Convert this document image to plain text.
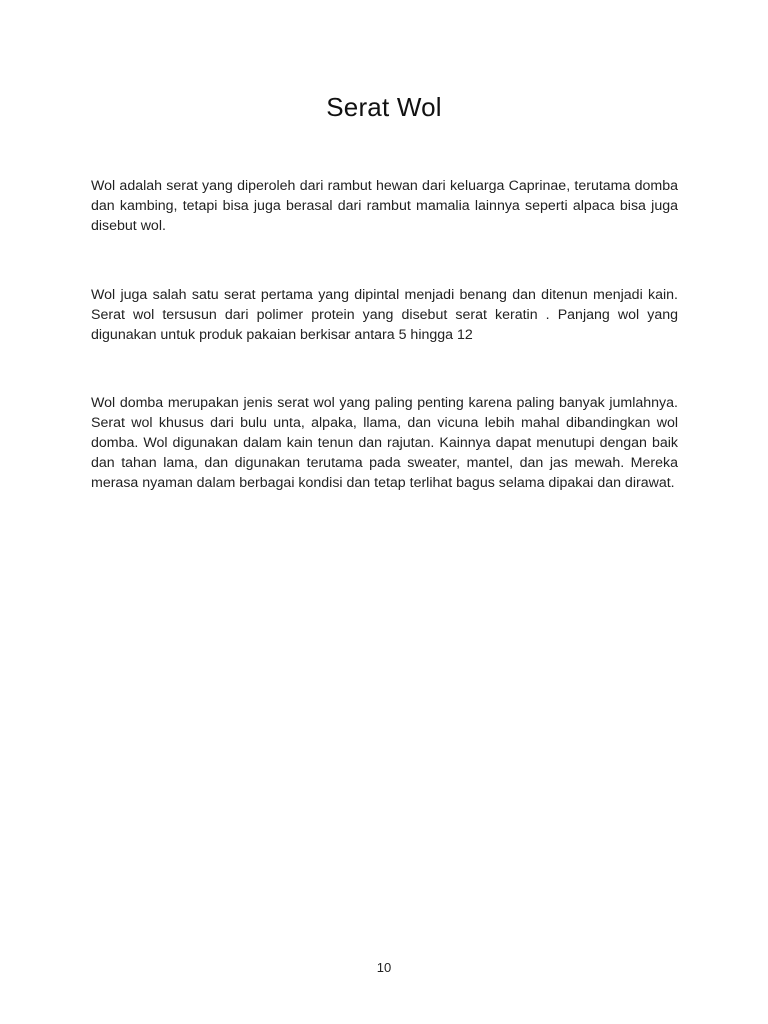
Serat Wol

Wol adalah serat yang diperoleh dari rambut hewan dari keluarga Caprinae, terutama domba dan kambing, tetapi bisa juga berasal dari rambut mamalia lainnya seperti alpaca bisa juga disebut wol.

Wol juga salah satu serat pertama yang dipintal menjadi benang dan ditenun menjadi kain. Serat wol tersusun dari polimer protein yang disebut serat keratin . Panjang wol yang digunakan untuk produk pakaian berkisar antara 5 hingga 12

Wol domba merupakan jenis serat wol yang paling penting karena paling banyak jumlahnya. Serat wol khusus dari bulu unta, alpaka, llama, dan vicuna lebih mahal dibandingkan wol domba. Wol digunakan dalam kain tenun dan rajutan. Kainnya dapat menutupi dengan baik dan tahan lama, dan digunakan terutama pada sweater, mantel, dan jas mewah. Mereka merasa nyaman dalam berbagai kondisi dan tetap terlihat bagus selama dipakai dan dirawat.

10
